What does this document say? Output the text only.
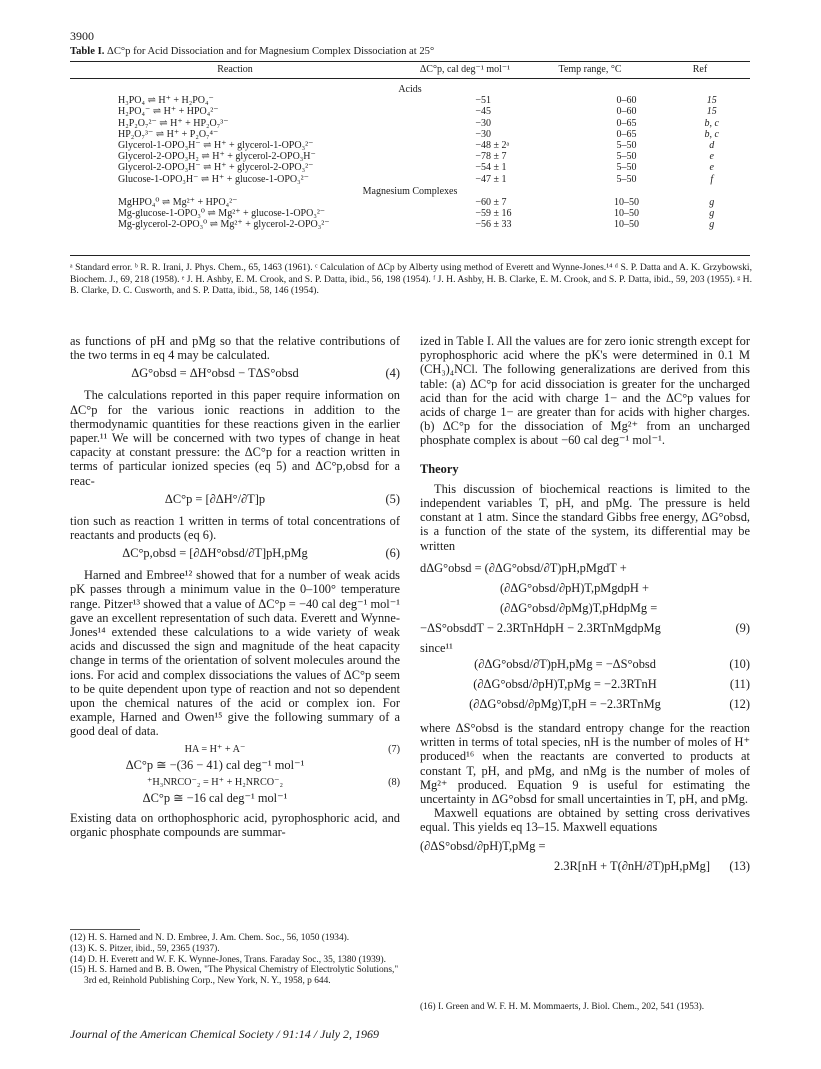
3900
Table I. ΔC°p for Acid Dissociation and for Magnesium Complex Dissociation at 25°
Reaction	ΔC°p, cal deg⁻¹ mol⁻¹	Temp range, °C	Ref
Acids			
H₃PO₄ ⇌ H⁺ + H₂PO₄⁻	−51	0–60	15
H₂PO₄⁻ ⇌ H⁺ + HPO₄²⁻	−45	0–60	15
H₂P₂O₇²⁻ ⇌ H⁺ + HP₂O₇³⁻	−30	0–65	b, c
HP₂O₇³⁻ ⇌ H⁺ + P₂O₇⁴⁻	−30	0–65	b, c
Glycerol-1-OPO₃H⁻ ⇌ H⁺ + glycerol-1-OPO₃²⁻	−48 ± 2ᵃ	5–50	d
Glycerol-2-OPO₃H₂ ⇌ H⁺ + glycerol-2-OPO₃H⁻	−78 ± 7	5–50	e
Glycerol-2-OPO₃H⁻ ⇌ H⁺ + glycerol-2-OPO₃²⁻	−54 ± 1	5–50	e
Glucose-1-OPO₃H⁻ ⇌ H⁺ + glucose-1-OPO₃²⁻	−47 ± 1	5–50	f
Magnesium Complexes			
MgHPO₄⁰ ⇌ Mg²⁺ + HPO₄²⁻	−60 ± 7	10–50	g
Mg-glucose-1-OPO₃⁰ ⇌ Mg²⁺ + glucose-1-OPO₃²⁻	−59 ± 16	10–50	g
Mg-glycerol-2-OPO₃⁰ ⇌ Mg²⁺ + glycerol-2-OPO₃²⁻	−56 ± 33	10–50	g
ᵃ Standard error. ᵇ R. R. Irani, J. Phys. Chem., 65, 1463 (1961). ᶜ Calculation of ΔCp by Alberty using method of Everett and Wynne-Jones.¹⁴ ᵈ S. P. Datta and A. K. Grzybowski, Biochem. J., 69, 218 (1958). ᵉ J. H. Ashby, E. M. Crook, and S. P. Datta, ibid., 56, 198 (1954). ᶠ J. H. Ashby, H. B. Clarke, E. M. Crook, and S. P. Datta, ibid., 59, 203 (1955). ᵍ H. B. Clarke, D. C. Cusworth, and S. P. Datta, ibid., 58, 146 (1954).

as functions of pH and pMg so that the relative contributions of the two terms in eq 4 may be calculated.

ΔG°obsd = ΔH°obsd − TΔS°obsd	(4)

The calculations reported in this paper require information on ΔC°p for the various ionic reactions in addition to the thermodynamic quantities for these reactions given in the earlier paper.¹¹ We will be concerned with two types of change in heat capacity at constant pressure: the ΔC°p for a reaction written in terms of particular ionized species (eq 5) and ΔC°p,obsd for a reac-

ΔC°p = [∂ΔH°/∂T]p	(5)

tion such as reaction 1 written in terms of total concentrations of reactants and products (eq 6).

ΔC°p,obsd = [∂ΔH°obsd/∂T]pH,pMg	(6)

Harned and Embree¹² showed that for a number of weak acids pK passes through a minimum value in the 0–100° temperature range. Pitzer¹³ showed that a value of ΔC°p = −40 cal deg⁻¹ mol⁻¹ gave an excellent representation of such data. Everett and Wynne-Jones¹⁴ extended these calculations to a wide variety of weak acids and discussed the sign and magnitude of the heat capacity change in terms of the orientation of solvent molecules around the ions. For acid and complex dissociations the values of ΔC°p seem to be quite dependent upon type of reaction and not so dependent upon the chemical natures of the acid or complex ion. For example, Harned and Owen¹⁵ give the following summary of a good deal of data.

HA = H⁺ + A⁻	(7)
ΔC°p ≅ −(36 − 41) cal deg⁻¹ mol⁻¹
⁺H₃NRCO⁻₂ = H⁺ + H₂NRCO⁻₂	(8)
ΔC°p ≅ −16 cal deg⁻¹ mol⁻¹

Existing data on orthophosphoric acid, pyrophosphoric acid, and organic phosphate compounds are summar-

(12) H. S. Harned and N. D. Embree, J. Am. Chem. Soc., 56, 1050 (1934).

(13) K. S. Pitzer, ibid., 59, 2365 (1937).

(14) D. H. Everett and W. F. K. Wynne-Jones, Trans. Faraday Soc., 35, 1380 (1939).

(15) H. S. Harned and B. B. Owen, "The Physical Chemistry of Electrolytic Solutions," 3rd ed, Reinhold Publishing Corp., New York, N. Y., 1958, p 644.

ized in Table I. All the values are for zero ionic strength except for pyrophosphoric acid where the pK's were determined in 0.1 M (CH₃)₄NCl. The following generalizations are derived from this table: (a) ΔC°p for acid dissociation is greater for the uncharged acid than for the acid with charge 1− and the ΔC°p values for acids of charge 1− are greater than for acids with higher charges. (b) ΔC°p for the dissociation of Mg²⁺ from an uncharged phosphate complex is about −60 cal deg⁻¹ mol⁻¹.

Theory

This discussion of biochemical reactions is limited to the independent variables T, pH, and pMg. The pressure is held constant at 1 atm. Since the standard Gibbs free energy, ΔG°obsd, is a function of the state of the system, its differential may be written

dΔG°obsd = (∂ΔG°obsd/∂T)pH,pMgdT +
(∂ΔG°obsd/∂pH)T,pMgdpH +
(∂ΔG°obsd/∂pMg)T,pHdpMg =
−ΔS°obsddT − 2.3RTnHdpH − 2.3RTnMgdpMg	(9)

since¹¹

(∂ΔG°obsd/∂T)pH,pMg = −ΔS°obsd	(10)
(∂ΔG°obsd/∂pH)T,pMg = −2.3RTnH	(11)
(∂ΔG°obsd/∂pMg)T,pH = −2.3RTnMg	(12)

where ΔS°obsd is the standard entropy change for the reaction written in terms of total species, nH is the number of moles of H⁺ produced¹⁶ when the reactants are converted to products at constant T, pH, and pMg, and nMg is the number of moles of Mg²⁺ produced. Equation 9 is useful for estimating the uncertainty in ΔG°obsd for small uncertainties in T, pH, and pMg.

Maxwell equations are obtained by setting cross derivatives equal. This yields eq 13–15. Maxwell equations

(∂ΔS°obsd/∂pH)T,pMg =
2.3R[nH + T(∂nH/∂T)pH,pMg] (13)

(16) I. Green and W. F. H. M. Mommaerts, J. Biol. Chem., 202, 541 (1953).

Journal of the American Chemical Society / 91:14 / July 2, 1969
